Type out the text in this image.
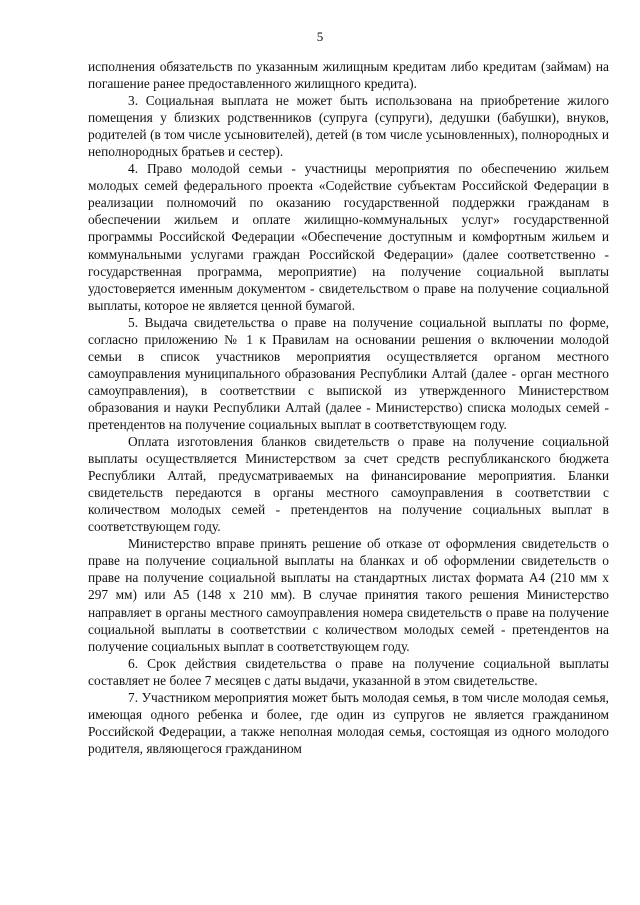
5

исполнения обязательств по указанным жилищным кредитам либо кредитам (займам) на погашение ранее предоставленного жилищного кредита).

3. Социальная выплата не может быть использована на приобретение жилого помещения у близких родственников (супруга (супруги), дедушки (бабушки), внуков, родителей (в том числе усыновителей), детей (в том числе усыновленных), полнородных и неполнородных братьев и сестер).

4. Право молодой семьи - участницы мероприятия по обеспечению жильем молодых семей федерального проекта «Содействие субъектам Российской Федерации в реализации полномочий по оказанию государственной поддержки гражданам в обеспечении жильем и оплате жилищно-коммунальных услуг» государственной программы Российской Федерации «Обеспечение доступным и комфортным жильем и коммунальными услугами граждан Российской Федерации» (далее соответственно - государственная программа, мероприятие) на получение социальной выплаты удостоверяется именным документом - свидетельством о праве на получение социальной выплаты, которое не является ценной бумагой.

5. Выдача свидетельства о праве на получение социальной выплаты по форме, согласно приложению № 1 к Правилам на основании решения о включении молодой семьи в список участников мероприятия осуществляется органом местного самоуправления муниципального образования Республики Алтай (далее - орган местного самоуправления), в соответствии с выпиской из утвержденного Министерством образования и науки Республики Алтай (далее - Министерство) списка молодых семей - претендентов на получение социальных выплат в соответствующем году.

Оплата изготовления бланков свидетельств о праве на получение социальной выплаты осуществляется Министерством за счет средств республиканского бюджета Республики Алтай, предусматриваемых на финансирование мероприятия. Бланки свидетельств передаются в органы местного самоуправления в соответствии с количеством молодых семей - претендентов на получение социальных выплат в соответствующем году.

Министерство вправе принять решение об отказе от оформления свидетельств о праве на получение социальной выплаты на бланках и об оформлении свидетельств о праве на получение социальной выплаты на стандартных листах формата А4 (210 мм х 297 мм) или А5 (148 х 210 мм). В случае принятия такого решения Министерство направляет в органы местного самоуправления номера свидетельств о праве на получение социальной выплаты в соответствии с количеством молодых семей - претендентов на получение социальных выплат в соответствующем году.

6. Срок действия свидетельства о праве на получение социальной выплаты составляет не более 7 месяцев с даты выдачи, указанной в этом свидетельстве.

7. Участником мероприятия может быть молодая семья, в том числе молодая семья, имеющая одного ребенка и более, где один из супругов не является гражданином Российской Федерации, а также неполная молодая семья, состоящая из одного молодого родителя, являющегося гражданином
